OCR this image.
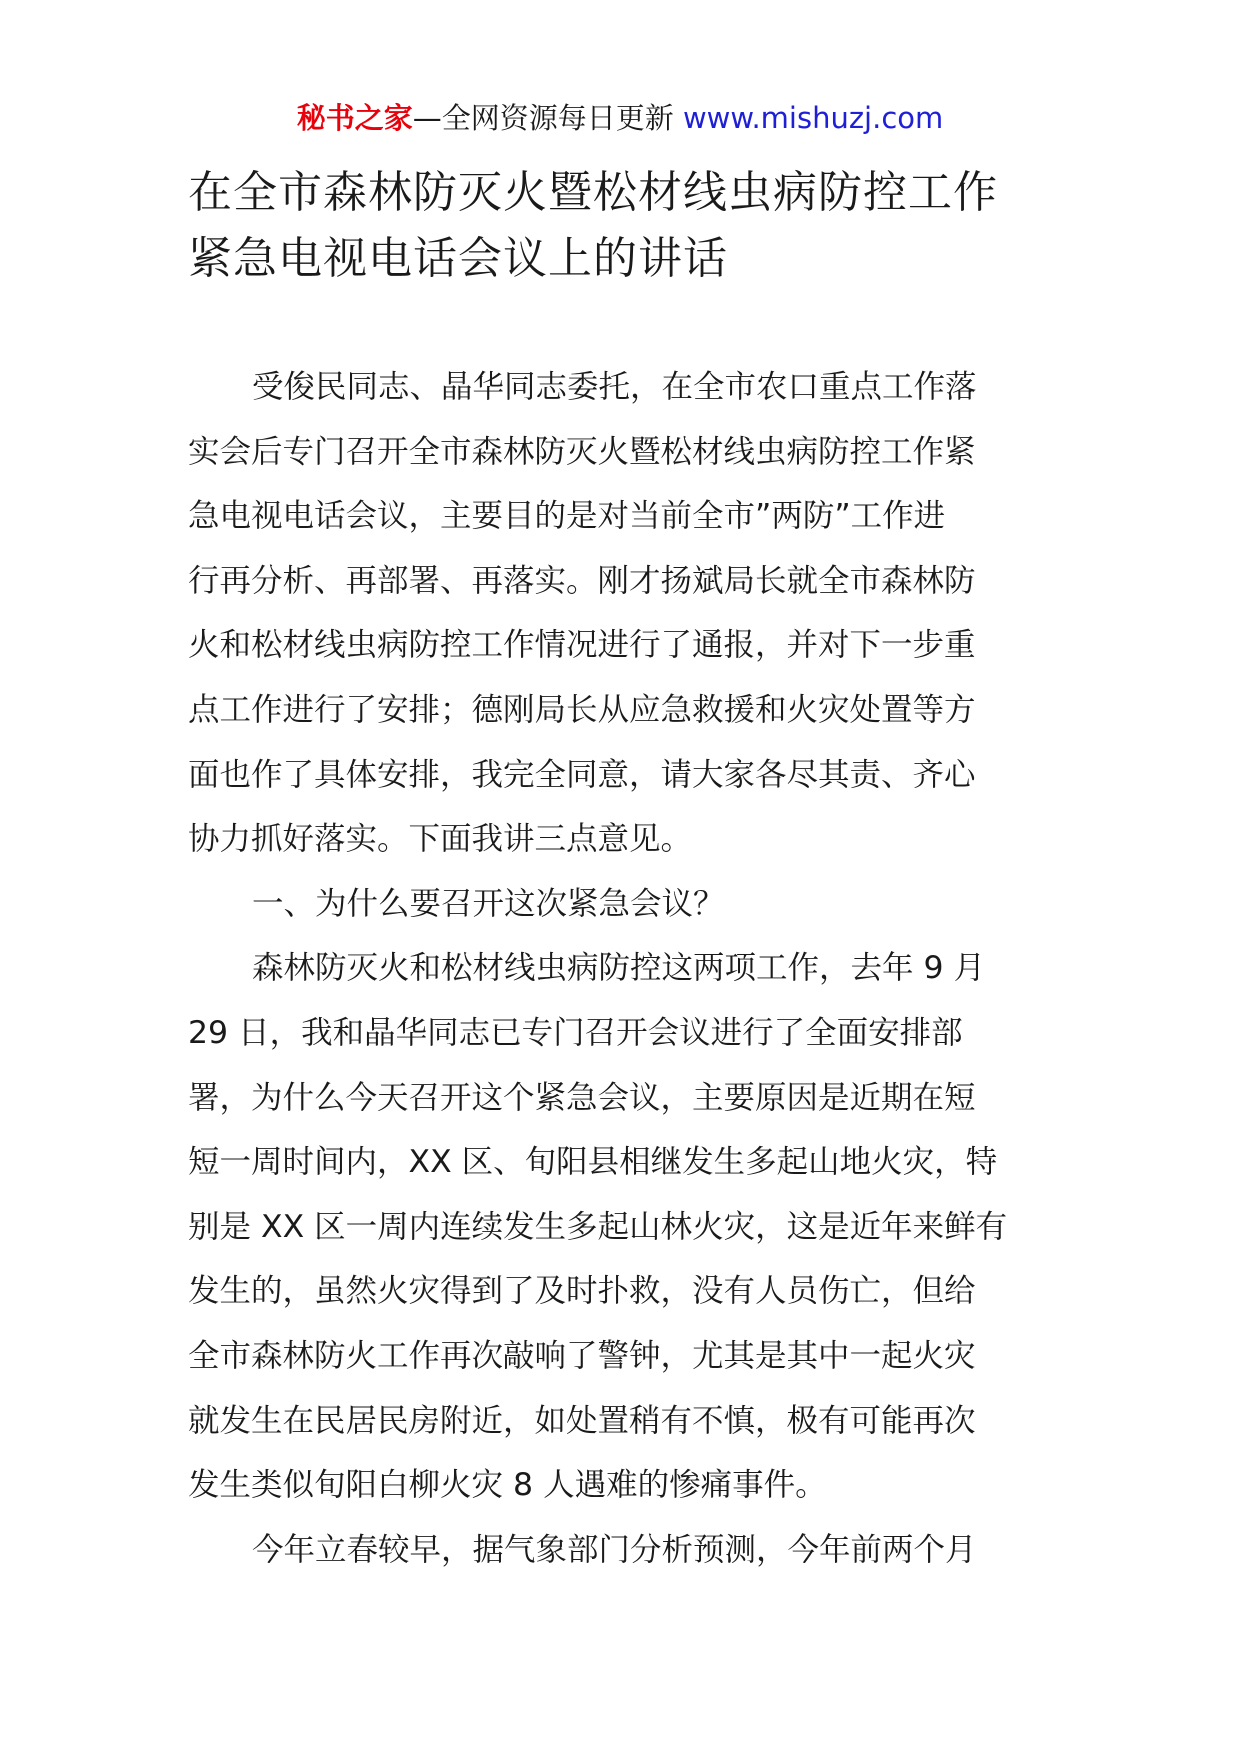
秘书之家—全网资源每日更新 www.mishuzj.com
在全市森林防灭火暨松材线虫病防控工作
紧急电视电话会议上的讲话
受俊民同志、晶华同志委托，在全市农口重点工作落
实会后专门召开全市森林防灭火暨松材线虫病防控工作紧
急电视电话会议，主要目的是对当前全市”两防”工作进
行再分析、再部署、再落实。刚才扬斌局长就全市森林防
火和松材线虫病防控工作情况进行了通报，并对下一步重
点工作进行了安排；德刚局长从应急救援和火灾处置等方
面也作了具体安排，我完全同意，请大家各尽其责、齐心
协力抓好落实。下面我讲三点意见。
一、为什么要召开这次紧急会议？
森林防灭火和松材线虫病防控这两项工作，去年 9 月
29 日，我和晶华同志已专门召开会议进行了全面安排部
署，为什么今天召开这个紧急会议，主要原因是近期在短
短一周时间内，XX 区、旬阳县相继发生多起山地火灾，特
别是 XX 区一周内连续发生多起山林火灾，这是近年来鲜有
发生的，虽然火灾得到了及时扑救，没有人员伤亡，但给
全市森林防火工作再次敲响了警钟，尤其是其中一起火灾
就发生在民居民房附近，如处置稍有不慎，极有可能再次
发生类似旬阳白柳火灾 8 人遇难的惨痛事件。
今年立春较早，据气象部门分析预测，今年前两个月
